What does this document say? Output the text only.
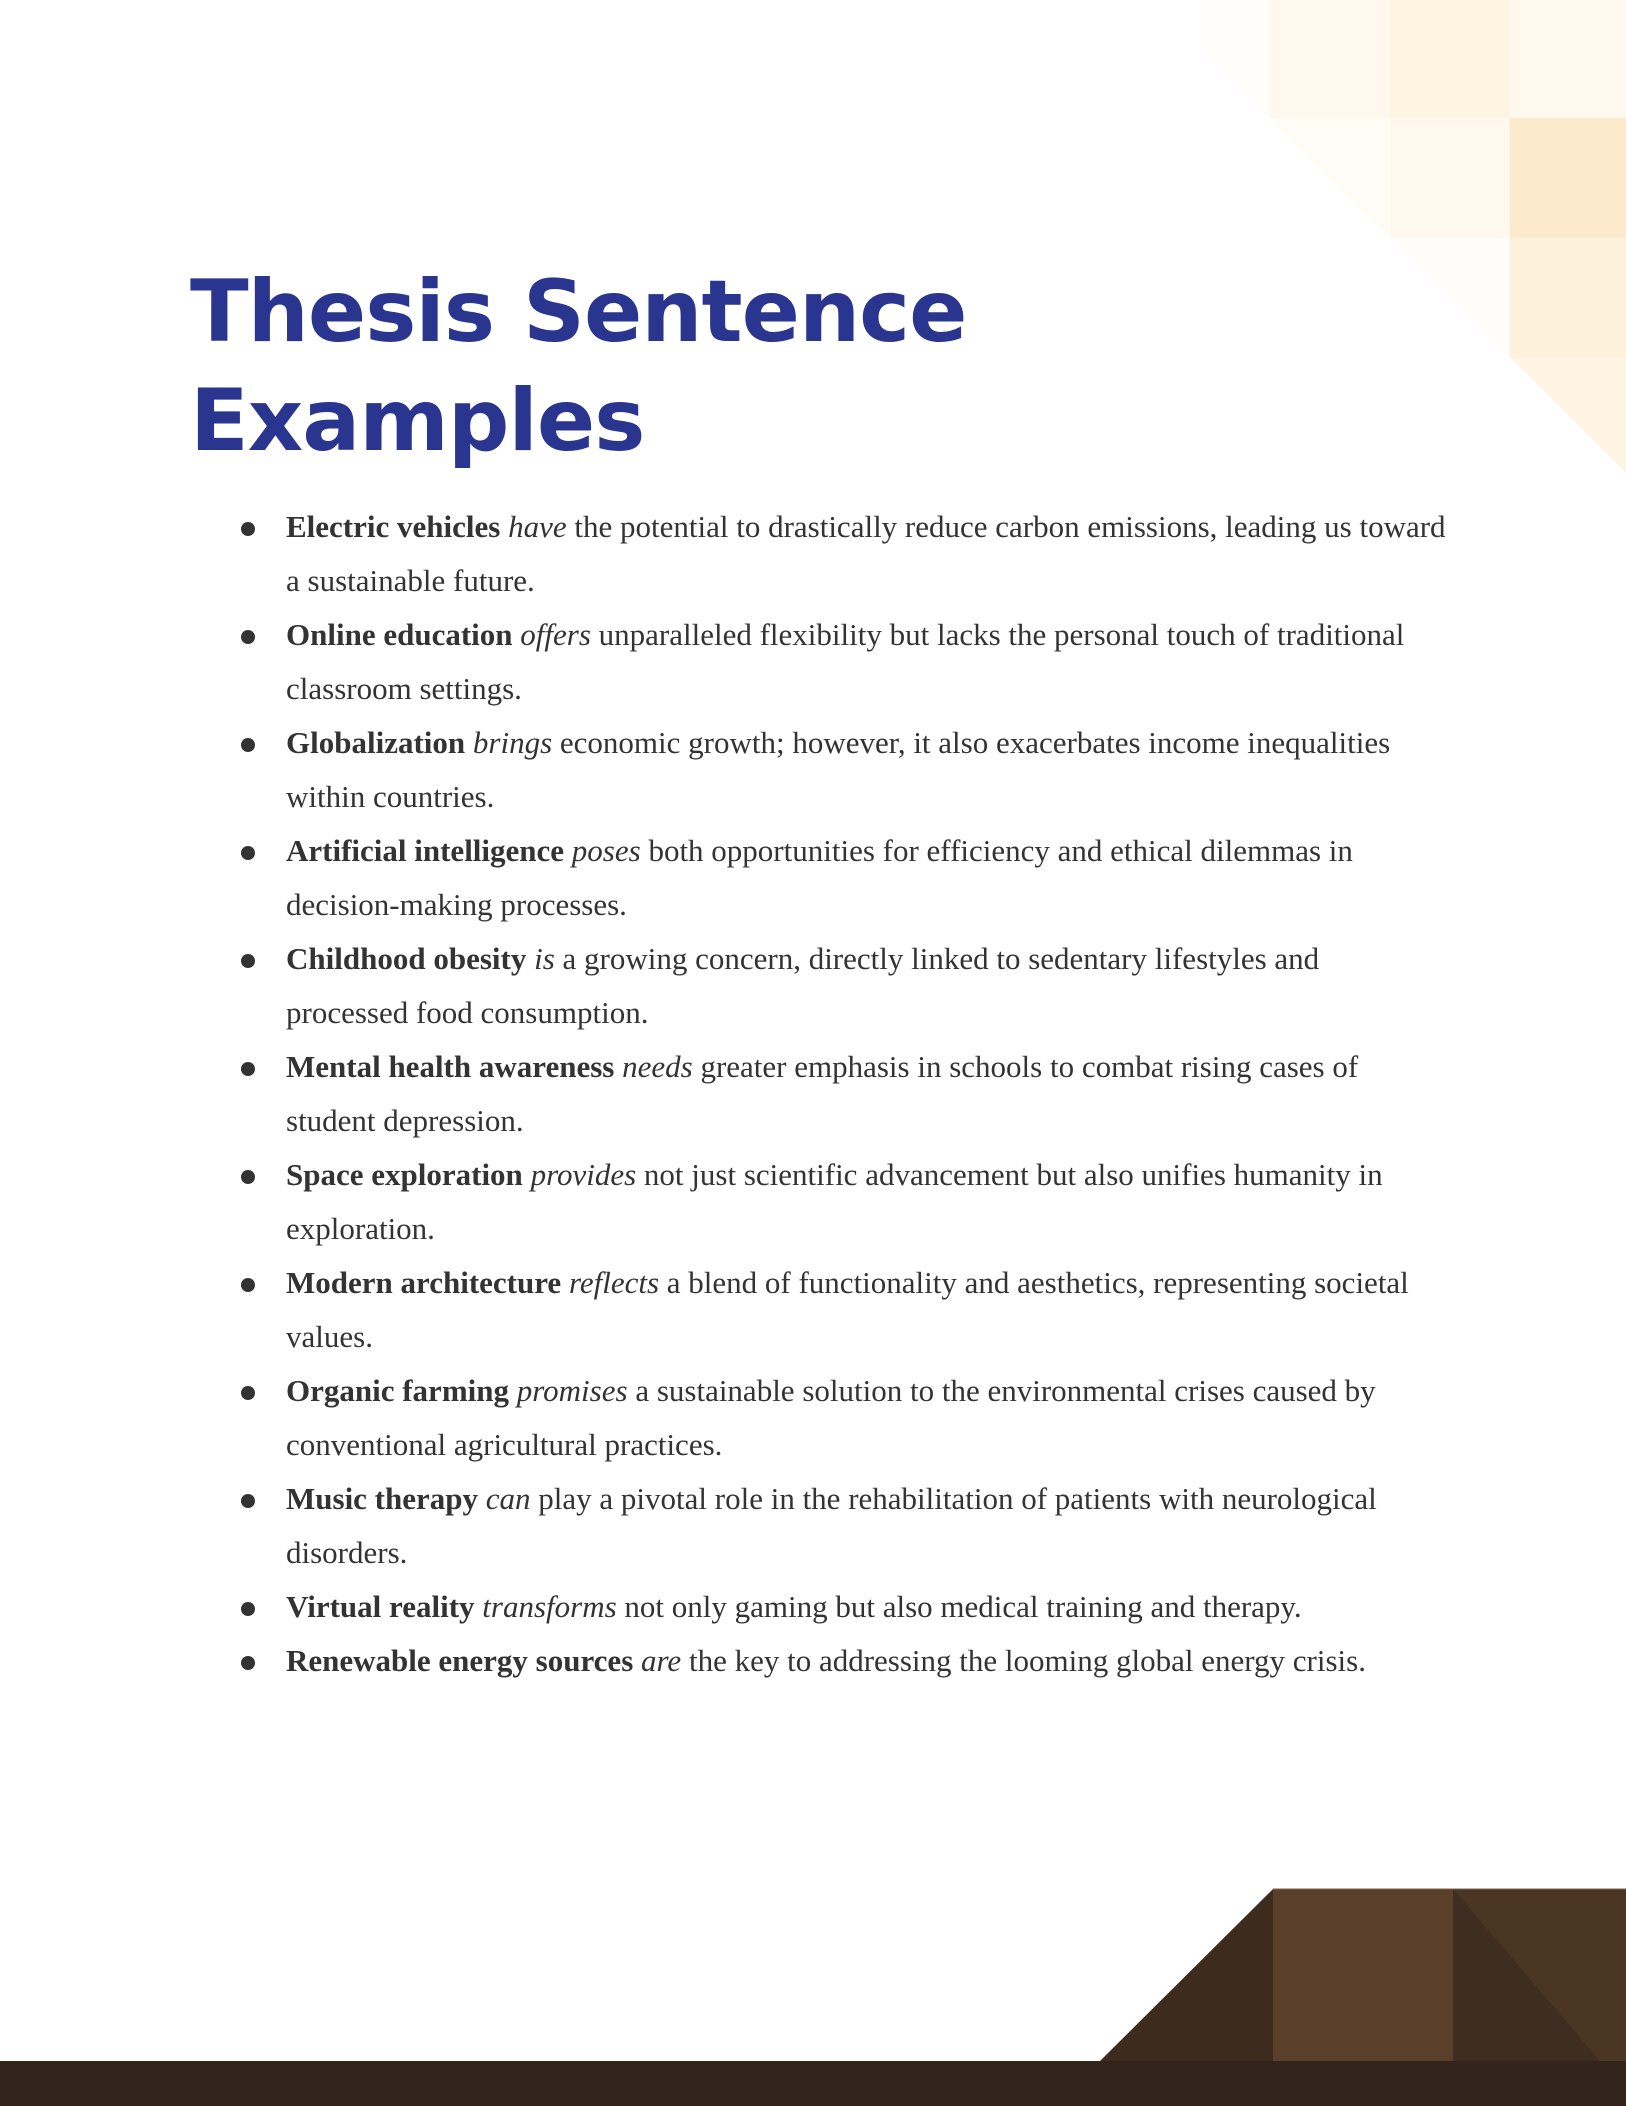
Thesis Sentence
Examples
Electric vehicles have the potential to drastically reduce carbon emissions, leading us toward a sustainable future.
Online education offers unparalleled flexibility but lacks the personal touch of traditional classroom settings.
Globalization brings economic growth; however, it also exacerbates income inequalities within countries.
Artificial intelligence poses both opportunities for efficiency and ethical dilemmas in decision-making processes.
Childhood obesity is a growing concern, directly linked to sedentary lifestyles and processed food consumption.
Mental health awareness needs greater emphasis in schools to combat rising cases of student depression.
Space exploration provides not just scientific advancement but also unifies humanity in exploration.
Modern architecture reflects a blend of functionality and aesthetics, representing societal values.
Organic farming promises a sustainable solution to the environmental crises caused by conventional agricultural practices.
Music therapy can play a pivotal role in the rehabilitation of patients with neurological disorders.
Virtual reality transforms not only gaming but also medical training and therapy.
Renewable energy sources are the key to addressing the looming global energy crisis.
